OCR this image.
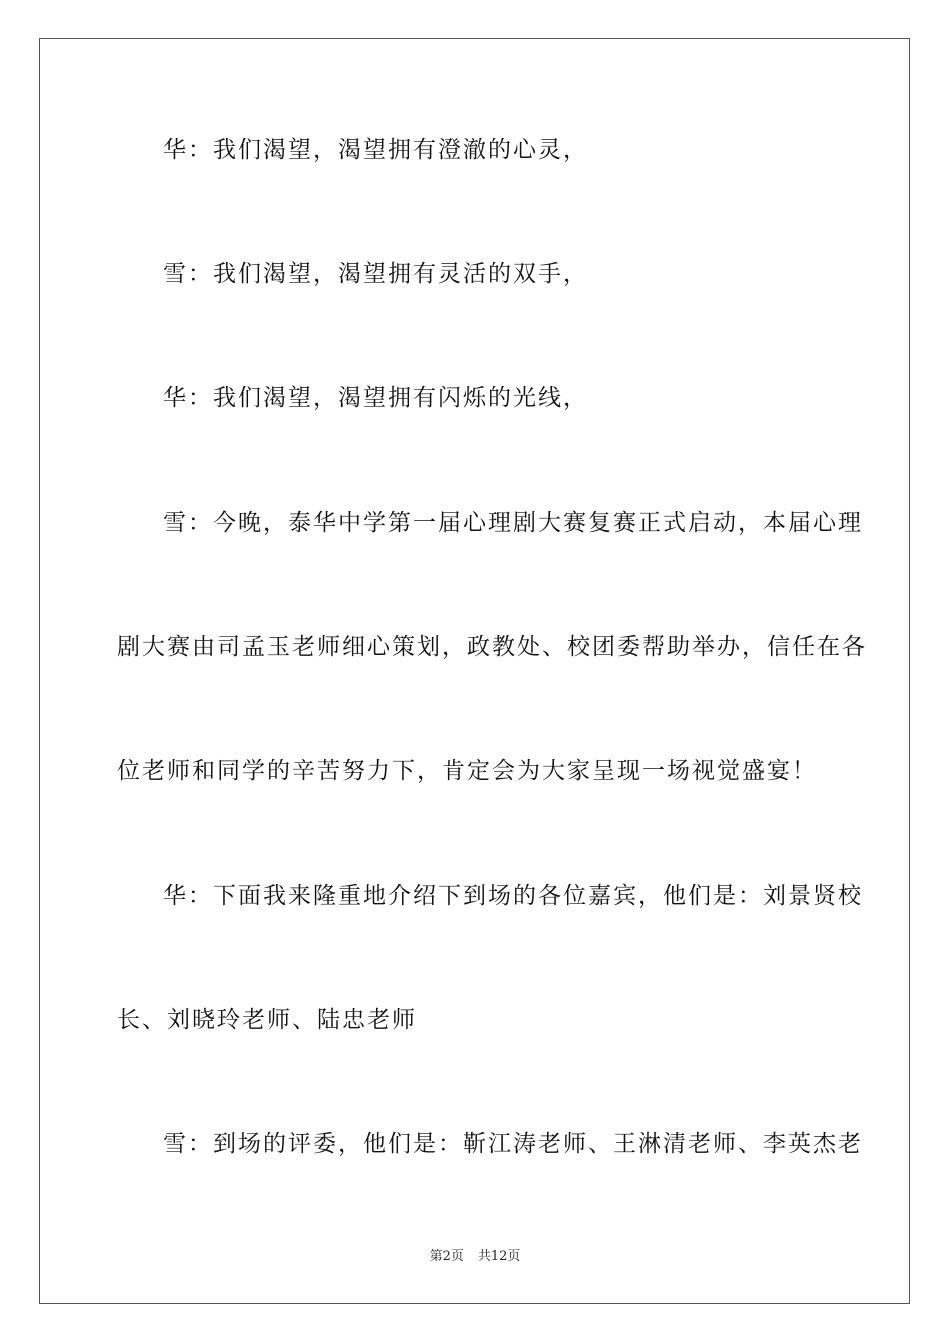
华：我们渴望，渴望拥有澄澈的心灵，
雪：我们渴望，渴望拥有灵活的双手，
华：我们渴望，渴望拥有闪烁的光线，
雪：今晚，泰华中学第一届心理剧大赛复赛正式启动，本届心理
剧大赛由司孟玉老师细心策划，政教处、校团委帮助举办，信任在各
位老师和同学的辛苦努力下，肯定会为大家呈现一场视觉盛宴！
华：下面我来隆重地介绍下到场的各位嘉宾，他们是：刘景贤校
长、刘晓玲老师、陆忠老师
雪：到场的评委，他们是：靳江涛老师、王淋清老师、李英杰老
第2页 共12页
